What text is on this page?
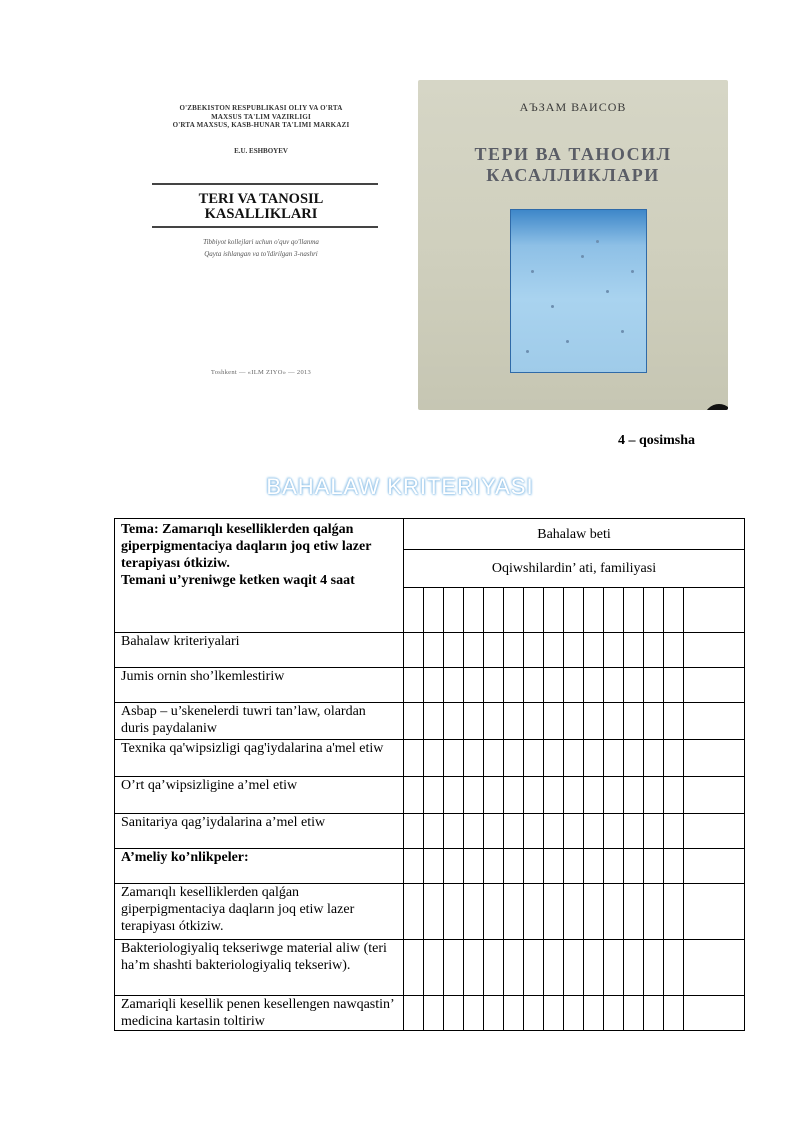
O'ZBEKISTON RESPUBLIKASI OLIY VA O'RTA
MAXSUS TA'LIM VAZIRLIGI
O'RTA MAXSUS, KASB-HUNAR TA'LIMI MARKAZI
E.U. ESHBOYEV
TERI VA TANOSIL
KASALLIKLARI
Tibbiyot kollejlari uchun o'quv qo'llanma
Qayta ishlangan va to'ldirilgan 3-nashri
Toshkent — «ILM ZIYO» — 2013
АЪЗАМ ВАИСОВ
ТЕРИ ВА ТАНОСИЛ
КАСАЛЛИКЛАРИ
4 – qosimsha
BAHALAW KRITERIYASI
Tema: Zamarıqlı keselliklerden qalǵan giperpigmentaciya daqların joq etiw lazer terapiyası ótkiziw.
Temani u’yreniwge ketken waqit 4 saat	Bahalaw beti														
	Oqiwshilardin’ ati, familiyasi														

Bahalaw kriteriyalari															
Jumis ornin sho’lkemlestiriw															
Asbap – u’skenelerdi tuwri tan’law, olardan duris paydalaniw															
Texnika qa'wipsizligi qag'iydalarina a'mel etiw															
O’rt qa’wipsizligine a’mel etiw															
Sanitariya qag’iydalarina a’mel etiw															
A’meliy ko’nlikpeler:															
Zamarıqlı keselliklerden qalǵan giperpigmentaciya daqların joq etiw lazer terapiyası ótkiziw.															
Bakteriologiyaliq tekseriwge material aliw (teri ha’m shashti bakteriologiyaliq tekseriw).															
Zamariqli kesellik penen kesellengen nawqastin’ medicina kartasin toltiriw															
